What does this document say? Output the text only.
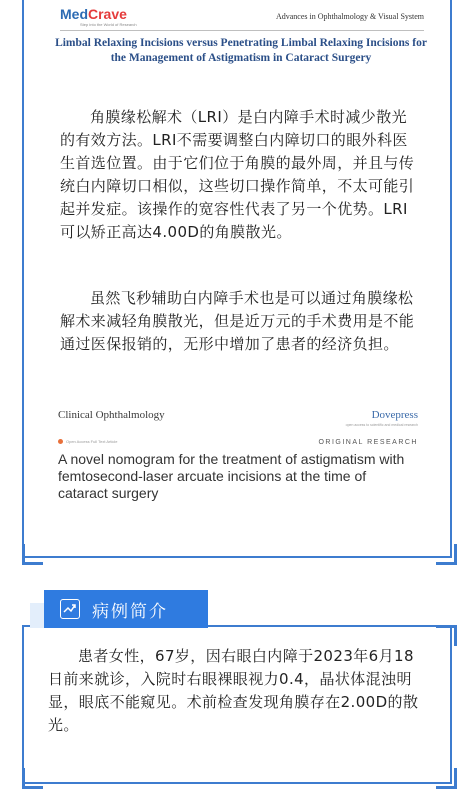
MedCrave
Step into the World of Research
Advances in Ophthalmology & Visual System
Limbal Relaxing Incisions versus Penetrating Limbal Relaxing Incisions for the Management of Astigmatism in Cataract Surgery
角膜缘松解术（LRI）是白内障手术时减少散光的有效方法。LRI不需要调整白内障切口的眼外科医生首选位置。由于它们位于角膜的最外周，并且与传统白内障切口相似，这些切口操作简单，不太可能引起并发症。该操作的宽容性代表了另一个优势。LRI可以矫正高达4.00D的角膜散光。
虽然飞秒辅助白内障手术也是可以通过角膜缘松解术来减轻角膜散光，但是近万元的手术费用是不能通过医保报销的，无形中增加了患者的经济负担。
Clinical Ophthalmology	Dovepress
open access to scientific and medical research
Open Access Full Text Article	ORIGINAL RESEARCH
A novel nomogram for the treatment of astigmatism with femtosecond-laser arcuate incisions at the time of cataract surgery
病例简介
患者女性，67岁，因右眼白内障于2023年6月18日前来就诊，入院时右眼裸眼视力0.4，晶状体混浊明显，眼底不能窥见。术前检查发现角膜存在2.00D的散光。
